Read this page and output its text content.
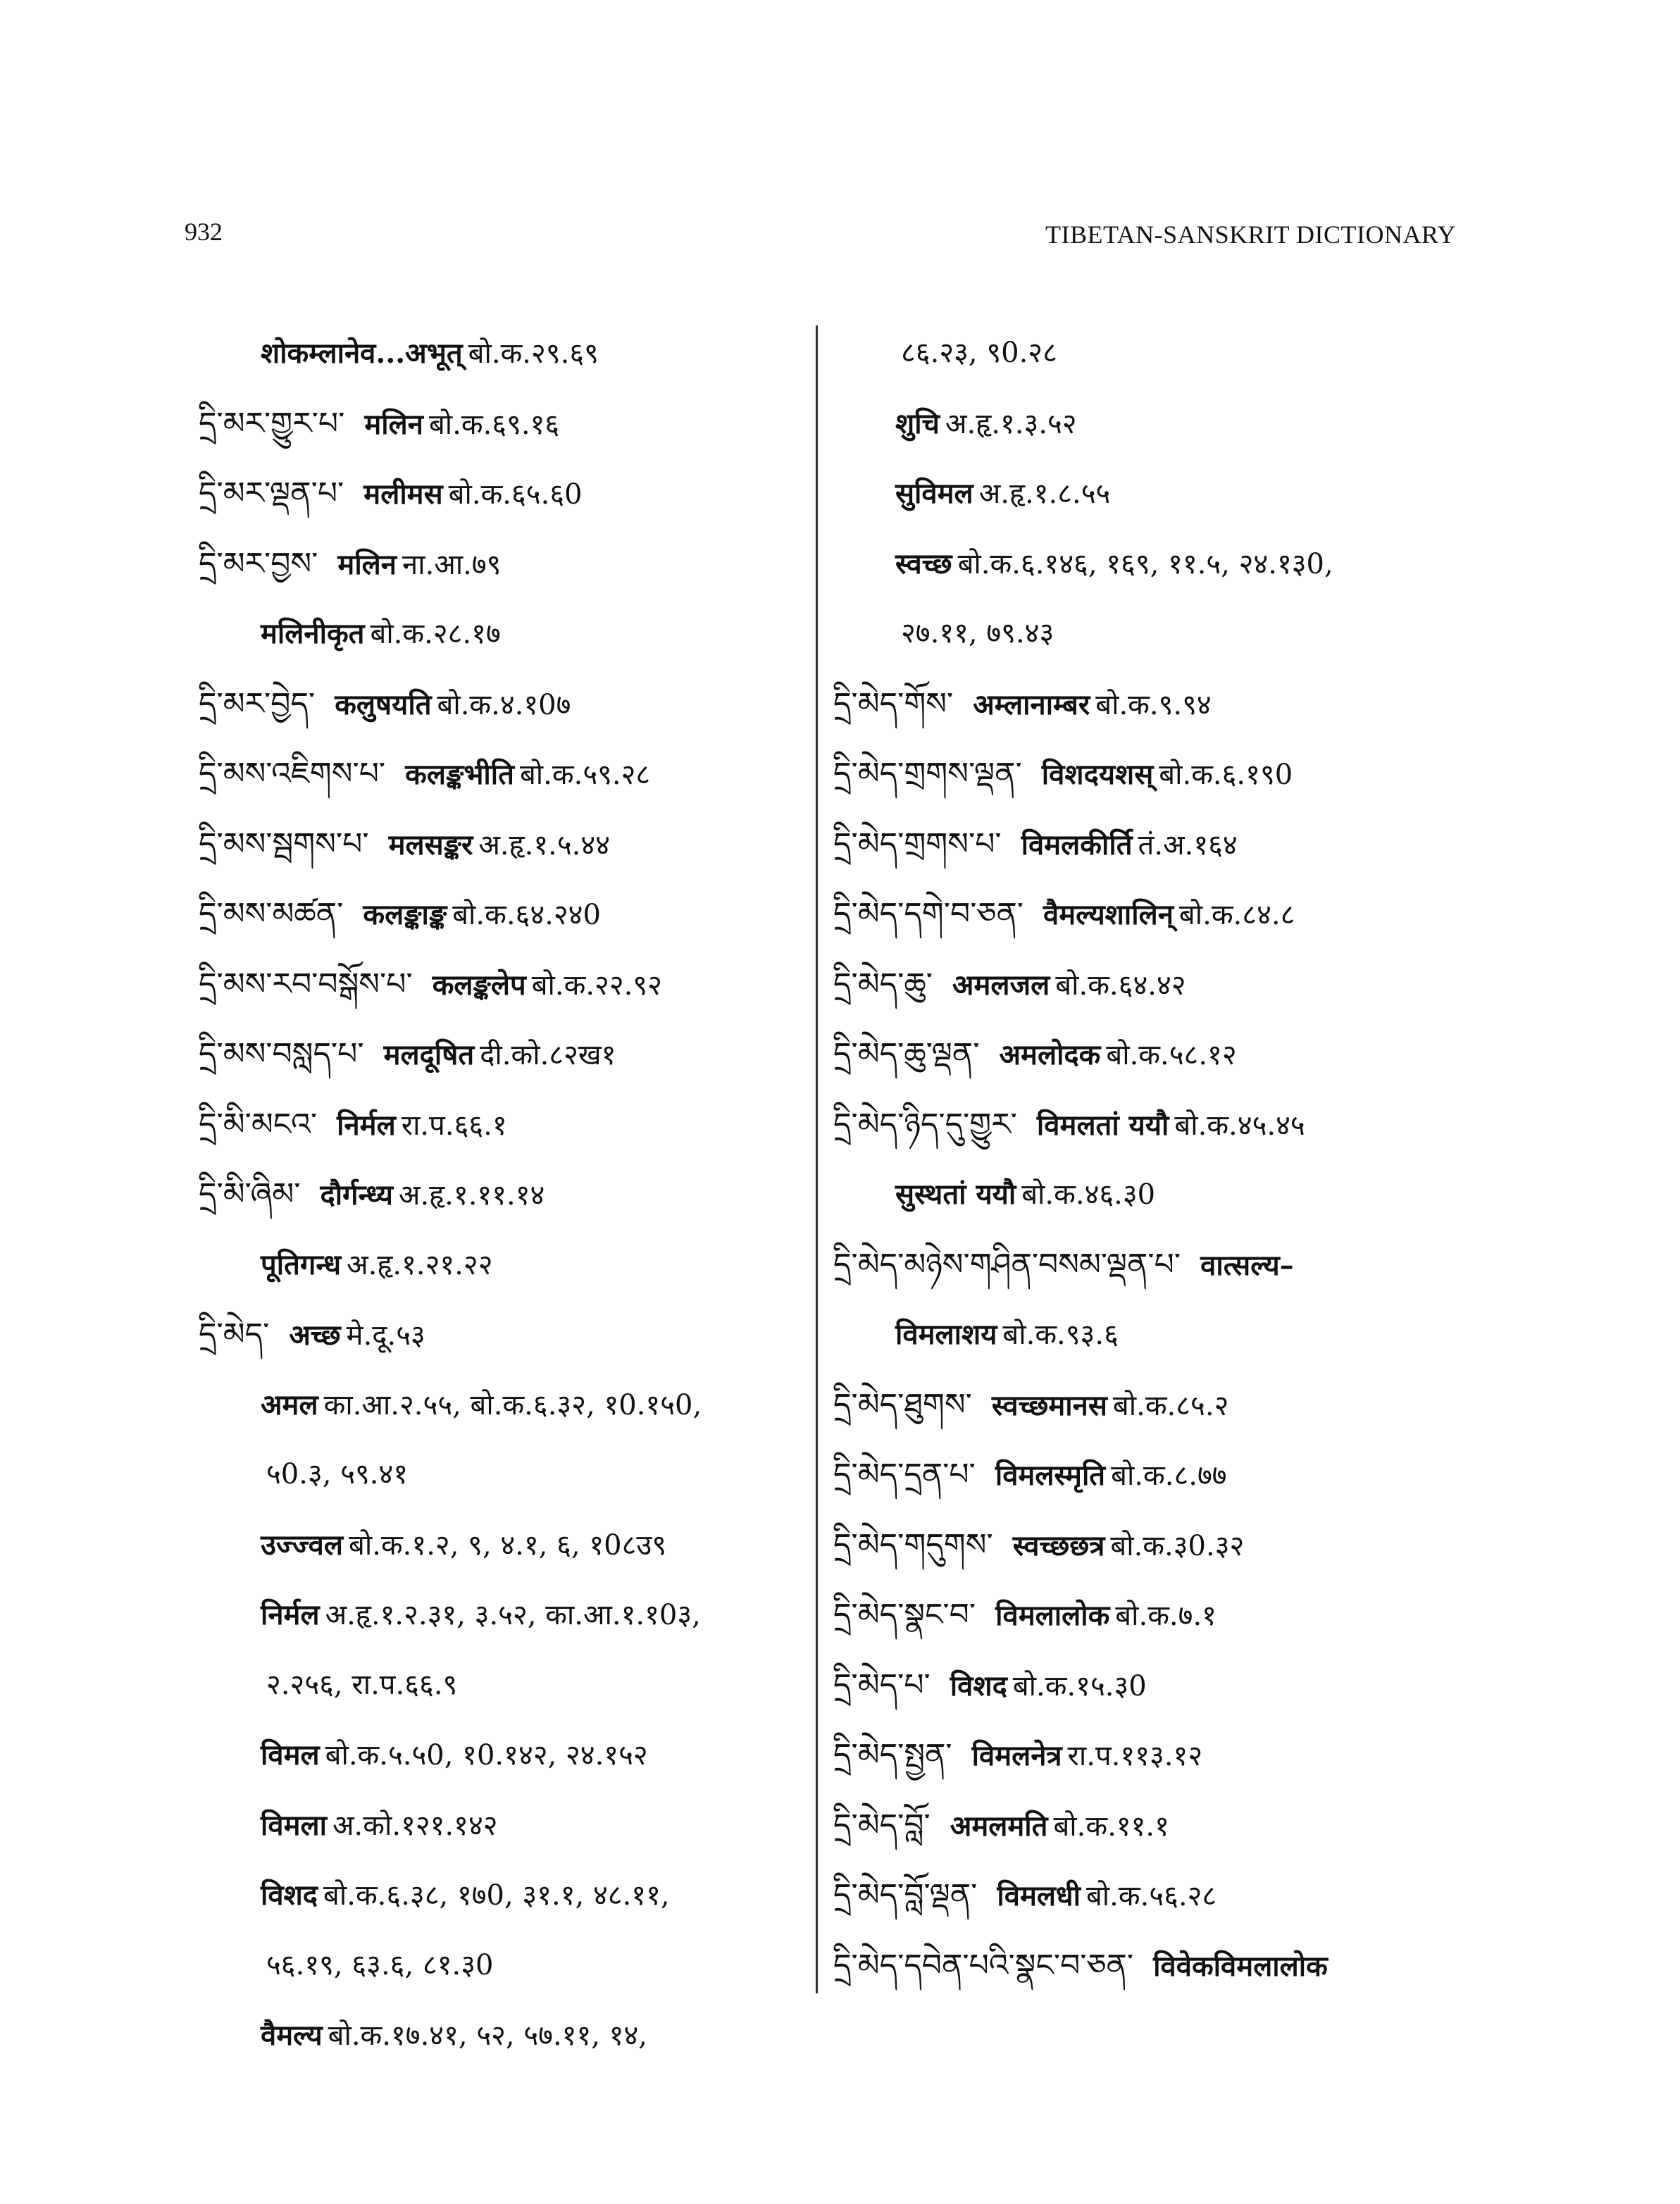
932	TIBETAN-SANSKRIT DICTIONARY
शोकम्लानेव...अभूत् बो.क.२९.६९
དྲི་མར་གྱུར་པ་ मलिन बो.क.६९.१६
དྲི་མར་ལྡན་པ་ मलीमस बो.क.६५.६0
དྲི་མར་བྱས་ मलिन ना.आ.७९
मलिनीकृत बो.क.२८.१७
དྲི་མར་བྱེད་ कलुषयति बो.क.४.१0७
དྲི་མས་འཇིགས་པ་ कलङ्कभीति बो.क.५९.२८
དྲི་མས་སྦགས་པ་ मलसङ्कर अ.हृ.१.५.४४
དྲི་མས་མཚན་ कलङ्काङ्क बो.क.६४.२४0
དྲི་མས་རབ་བསྒོས་པ་ कलङ्कलेप बो.क.२२.९२
དྲི་མས་བསླད་པ་ मलदूषित दी.को.८२ख१
དྲི་མི་མངའ་ निर्मल रा.प.६६.१
དྲི་མི་ཞིམ་ दौर्गन्ध्य अ.हृ.१.११.१४
पूतिगन्ध अ.हृ.१.२१.२२
དྲི་མེད་ अच्छ मे.दू.५३
अमल का.आ.२.५५, बो.क.६.३२, १0.१५0,
५0.३, ५९.४१
उज्ज्वल बो.क.१.२, ९, ४.१, ६, १0८उ९
निर्मल अ.हृ.१.२.३१, ३.५२, का.आ.१.१0३,
२.२५६, रा.प.६६.९
विमल बो.क.५.५0, १0.१४२, २४.१५२
विमला अ.को.१२१.१४२
विशद बो.क.६.३८, १७0, ३१.१, ४८.११,
५६.१९, ६३.६, ८१.३0
वैमल्य बो.क.१७.४१, ५२, ५७.११, १४,
८६.२३, ९0.२८
शुचि अ.हृ.१.३.५२
सुविमल अ.हृ.१.८.५५
स्वच्छ बो.क.६.१४६, १६९, ११.५, २४.१३0,
२७.११, ७९.४३
དྲི་མེད་གོས་ अम्लानाम्बर बो.क.९.९४
དྲི་མེད་གྲགས་ལྡན་ विशदयशस् बो.क.६.१९0
དྲི་མེད་གྲགས་པ་ विमलकीर्ति तं.अ.१६४
དྲི་མེད་དགེ་བ་ཅན་ वैमल्यशालिन् बो.क.८४.८
དྲི་མེད་ཆུ་ अमलजल बो.क.६४.४२
དྲི་མེད་ཆུ་ལྡན་ अमलोदक बो.क.५८.१२
དྲི་མེད་ཉིད་དུ་གྱུར་ विमलतां ययौ बो.क.४५.४५
सुस्थतां ययौ बो.क.४६.३0
དྲི་མེད་མཉེས་གཤིན་བསམ་ལྡན་པ་ वात्सल्य–
विमलाशय बो.क.९३.६
དྲི་མེད་ཐུགས་ स्वच्छमानस बो.क.८५.२
དྲི་མེད་དྲན་པ་ विमलस्मृति बो.क.८.७७
དྲི་མེད་གདུགས་ स्वच्छछत्र बो.क.३0.३२
དྲི་མེད་སྣང་བ་ विमलालोक बो.क.७.१
དྲི་མེད་པ་ विशद बो.क.१५.३0
དྲི་མེད་སྤྱན་ विमलनेत्र रा.प.११३.१२
དྲི་མེད་བློ་ अमलमति बो.क.११.१
དྲི་མེད་བློ་ལྡན་ विमलधी बो.क.५६.२८
དྲི་མེད་དབེན་པའི་སྣང་བ་ཅན་ विवेकविमलालोक
